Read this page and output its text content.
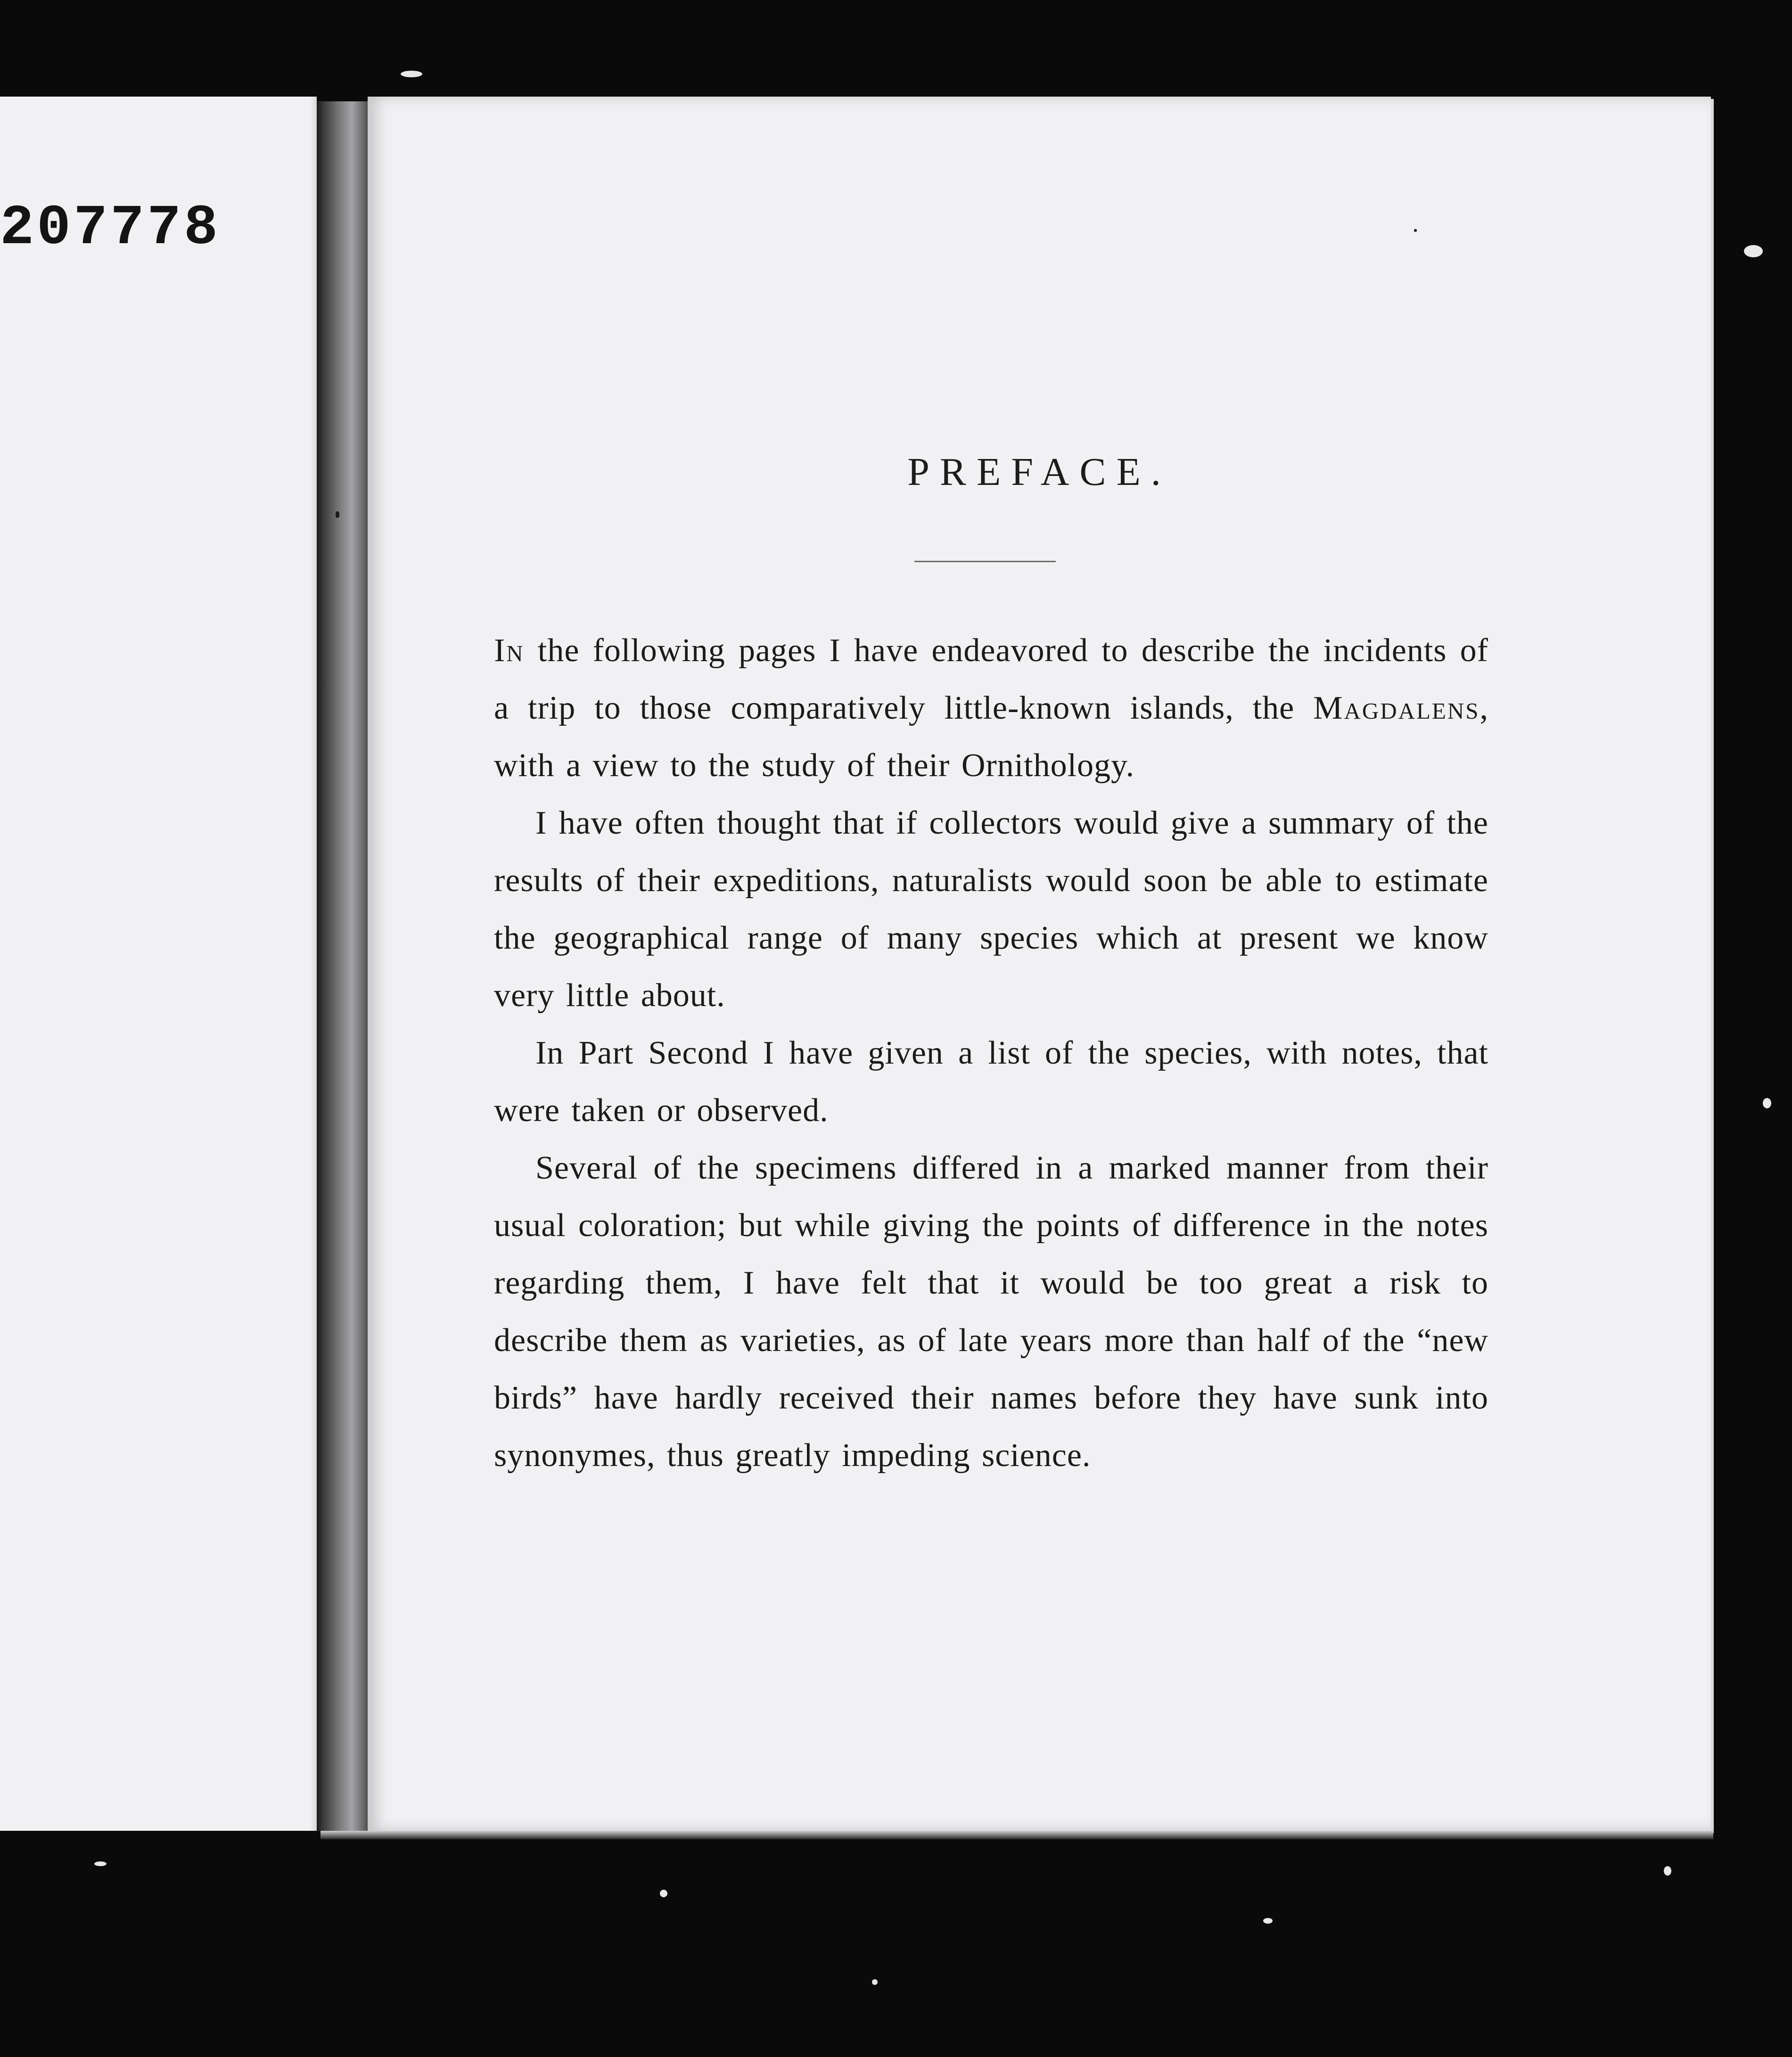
207778
PREFACE.

In the following pages I have endeavored to describe the incidents of a trip to those comparatively little-known islands, the Magdalens, with a view to the study of their Ornithology.

I have often thought that if collectors would give a summary of the results of their expeditions, naturalists would soon be able to estimate the geographical range of many species which at present we know very little about.

In Part Second I have given a list of the species, with notes, that were taken or observed.

Several of the specimens differed in a marked manner from their usual coloration; but while giving the points of difference in the notes regarding them, I have felt that it would be too great a risk to describe them as varieties, as of late years more than half of the “new birds” have hardly received their names before they have sunk into synonymes, thus greatly impeding science.
